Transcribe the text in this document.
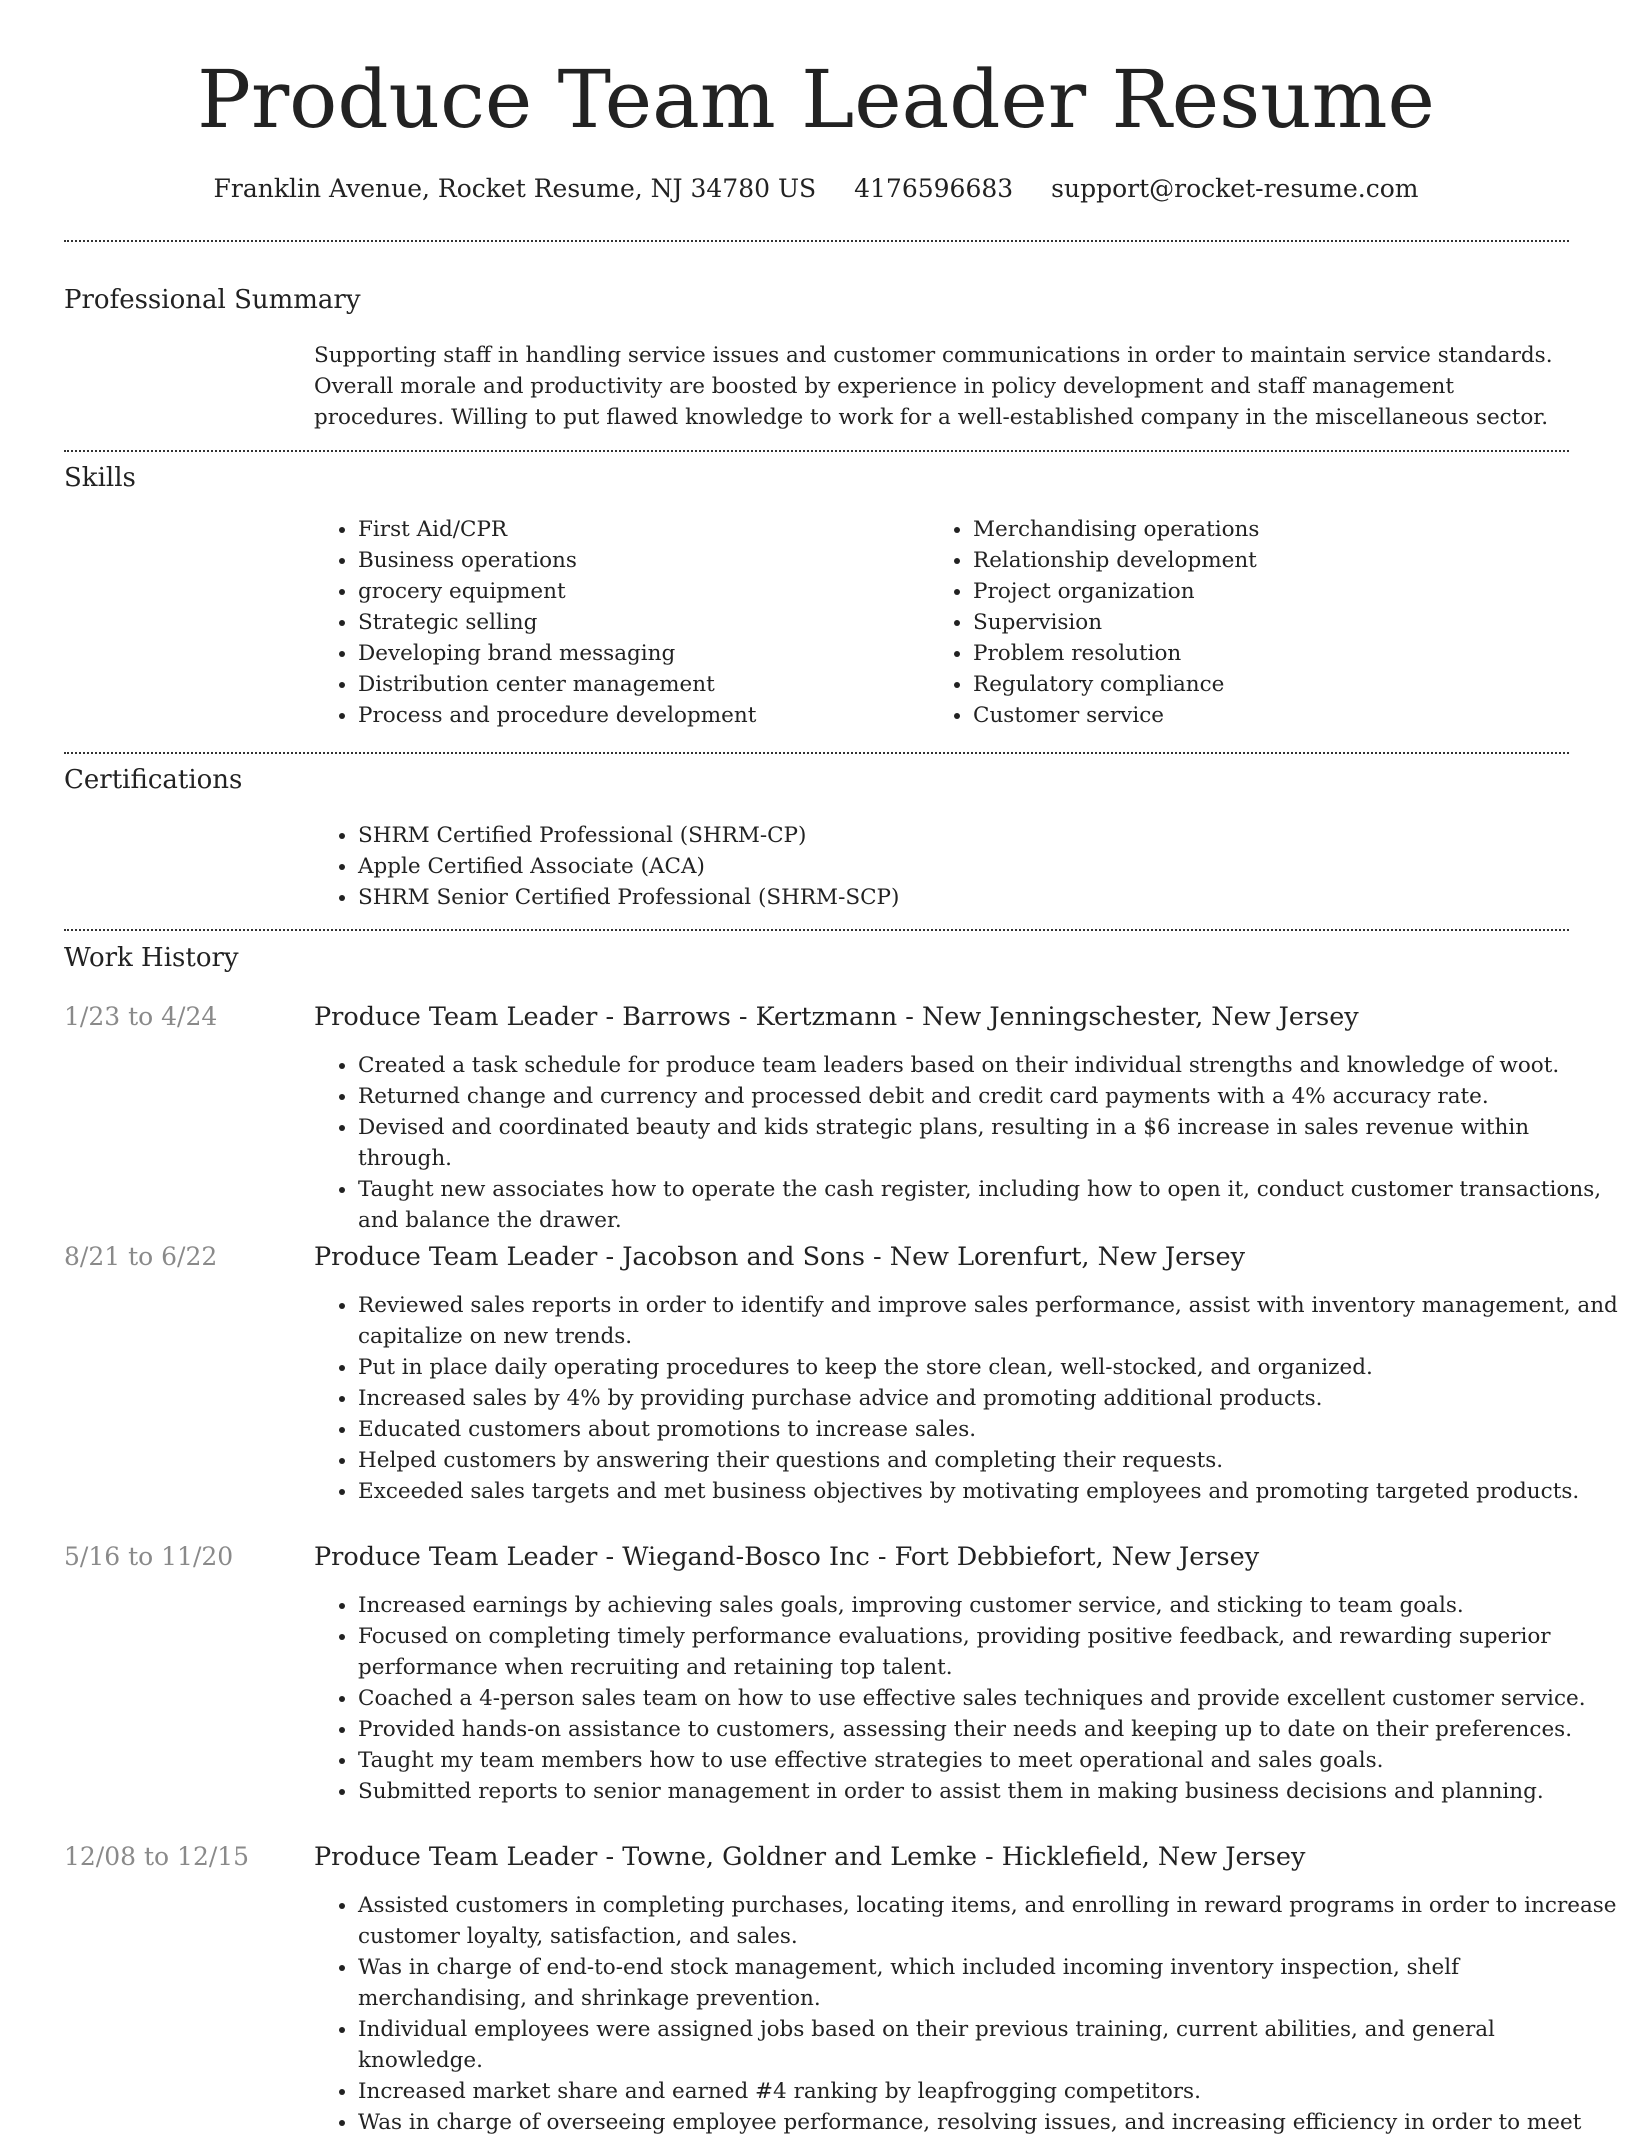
Produce Team Leader Resume
Franklin Avenue, Rocket Resume, NJ 34780 US 4176596683 support@rocket-resume.com
Professional Summary

Supporting staff in handling service issues and customer communications in order to maintain service standards. Overall morale and productivity are boosted by experience in policy development and staff management procedures. Willing to put flawed knowledge to work for a well-established company in the miscellaneous sector.

Skills
• First Aid/CPR
• Business operations
• grocery equipment
• Strategic selling
• Developing brand messaging
• Distribution center management
• Process and procedure development
• Merchandising operations
• Relationship development
• Project organization
• Supervision
• Problem resolution
• Regulatory compliance
• Customer service
Certifications
• SHRM Certified Professional (SHRM-CP)
• Apple Certified Associate (ACA)
• SHRM Senior Certified Professional (SHRM-SCP)
Work History
1/23 to 4/24	Produce Team Leader - Barrows - Kertzmann - New Jenningschester, New Jersey
• Created a task schedule for produce team leaders based on their individual strengths and knowledge of woot.
• Returned change and currency and processed debit and credit card payments with a 4% accuracy rate.
• Devised and coordinated beauty and kids strategic plans, resulting in a $6 increase in sales revenue within through.
• Taught new associates how to operate the cash register, including how to open it, conduct customer transactions, and balance the drawer.
8/21 to 6/22	Produce Team Leader - Jacobson and Sons - New Lorenfurt, New Jersey
• Reviewed sales reports in order to identify and improve sales performance, assist with inventory management, and capitalize on new trends.
• Put in place daily operating procedures to keep the store clean, well-stocked, and organized.
• Increased sales by 4% by providing purchase advice and promoting additional products.
• Educated customers about promotions to increase sales.
• Helped customers by answering their questions and completing their requests.
• Exceeded sales targets and met business objectives by motivating employees and promoting targeted products.
5/16 to 11/20	Produce Team Leader - Wiegand-Bosco Inc - Fort Debbiefort, New Jersey
• Increased earnings by achieving sales goals, improving customer service, and sticking to team goals.
• Focused on completing timely performance evaluations, providing positive feedback, and rewarding superior performance when recruiting and retaining top talent.
• Coached a 4-person sales team on how to use effective sales techniques and provide excellent customer service.
• Provided hands-on assistance to customers, assessing their needs and keeping up to date on their preferences.
• Taught my team members how to use effective strategies to meet operational and sales goals.
• Submitted reports to senior management in order to assist them in making business decisions and planning.
12/08 to 12/15	Produce Team Leader - Towne, Goldner and Lemke - Hicklefield, New Jersey
• Assisted customers in completing purchases, locating items, and enrolling in reward programs in order to increase customer loyalty, satisfaction, and sales.
• Was in charge of end-to-end stock management, which included incoming inventory inspection, shelf merchandising, and shrinkage prevention.
• Individual employees were assigned jobs based on their previous training, current abilities, and general knowledge.
• Increased market share and earned #4 ranking by leapfrogging competitors.
• Was in charge of overseeing employee performance, resolving issues, and increasing efficiency in order to meet
